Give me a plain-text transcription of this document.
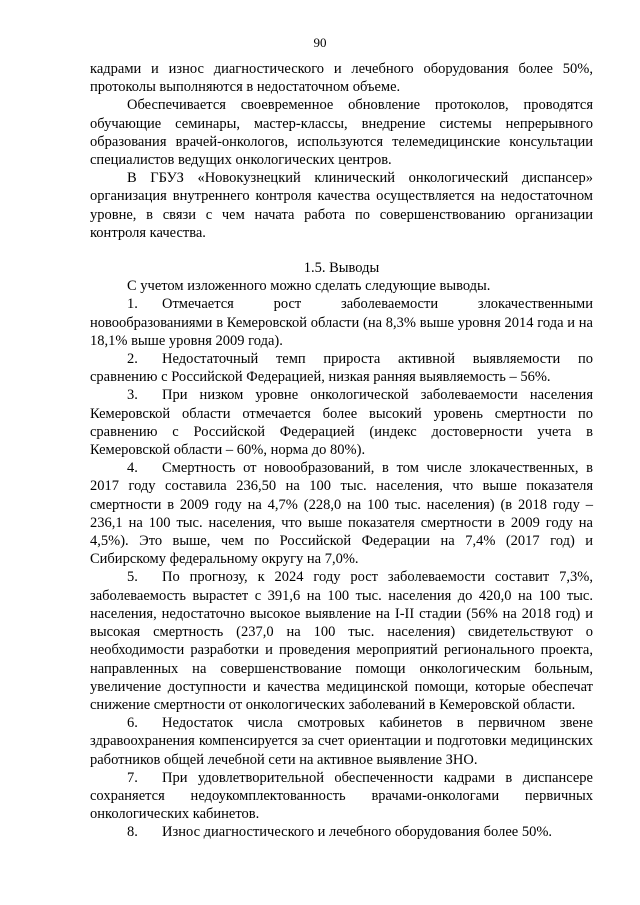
90

кадрами и износ диагностического и лечебного оборудования более 50%, протоколы выполняются в недостаточном объеме.

Обеспечивается своевременное обновление протоколов, проводятся обучающие семинары, мастер-классы, внедрение системы непрерывного образования врачей-онкологов, используются телемедицинские консультации специалистов ведущих онкологических центров.

В ГБУЗ «Новокузнецкий клинический онкологический диспансер» организация внутреннего контроля качества осуществляется на недостаточном уровне, в связи с чем начата работа по совершенствованию организации контроля качества.

1.5. Выводы

С учетом изложенного можно сделать следующие выводы.

1. Отмечается рост заболеваемости злокачественными новообразованиями в Кемеровской области (на 8,3% выше уровня 2014 года и на 18,1% выше уровня 2009 года).

2. Недостаточный темп прироста активной выявляемости по сравнению с Российской Федерацией, низкая ранняя выявляемость – 56%.

3. При низком уровне онкологической заболеваемости населения Кемеровской области отмечается более высокий уровень смертности по сравнению с Российской Федерацией (индекс достоверности учета в Кемеровской области – 60%, норма до 80%).

4. Смертность от новообразований, в том числе злокачественных, в 2017 году составила 236,50 на 100 тыс. населения, что выше показателя смертности в 2009 году на 4,7% (228,0 на 100 тыс. населения) (в 2018 году – 236,1 на 100 тыс. населения, что выше показателя смертности в 2009 году на 4,5%). Это выше, чем по Российской Федерации на 7,4% (2017 год) и Сибирскому федеральному округу на 7,0%.

5. По прогнозу, к 2024 году рост заболеваемости составит 7,3%, заболеваемость вырастет с 391,6 на 100 тыс. населения до 420,0 на 100 тыс. населения, недостаточно высокое выявление на I-II стадии (56% на 2018 год) и высокая смертность (237,0 на 100 тыс. населения) свидетельствуют о необходимости разработки и проведения мероприятий регионального проекта, направленных на совершенствование помощи онкологическим больным, увеличение доступности и качества медицинской помощи, которые обеспечат снижение смертности от онкологических заболеваний в Кемеровской области.

6. Недостаток числа смотровых кабинетов в первичном звене здравоохранения компенсируется за счет ориентации и подготовки медицинских работников общей лечебной сети на активное выявление ЗНО.

7. При удовлетворительной обеспеченности кадрами в диспансере сохраняется недоукомплектованность врачами-онкологами первичных онкологических кабинетов.

8. Износ диагностического и лечебного оборудования более 50%.
